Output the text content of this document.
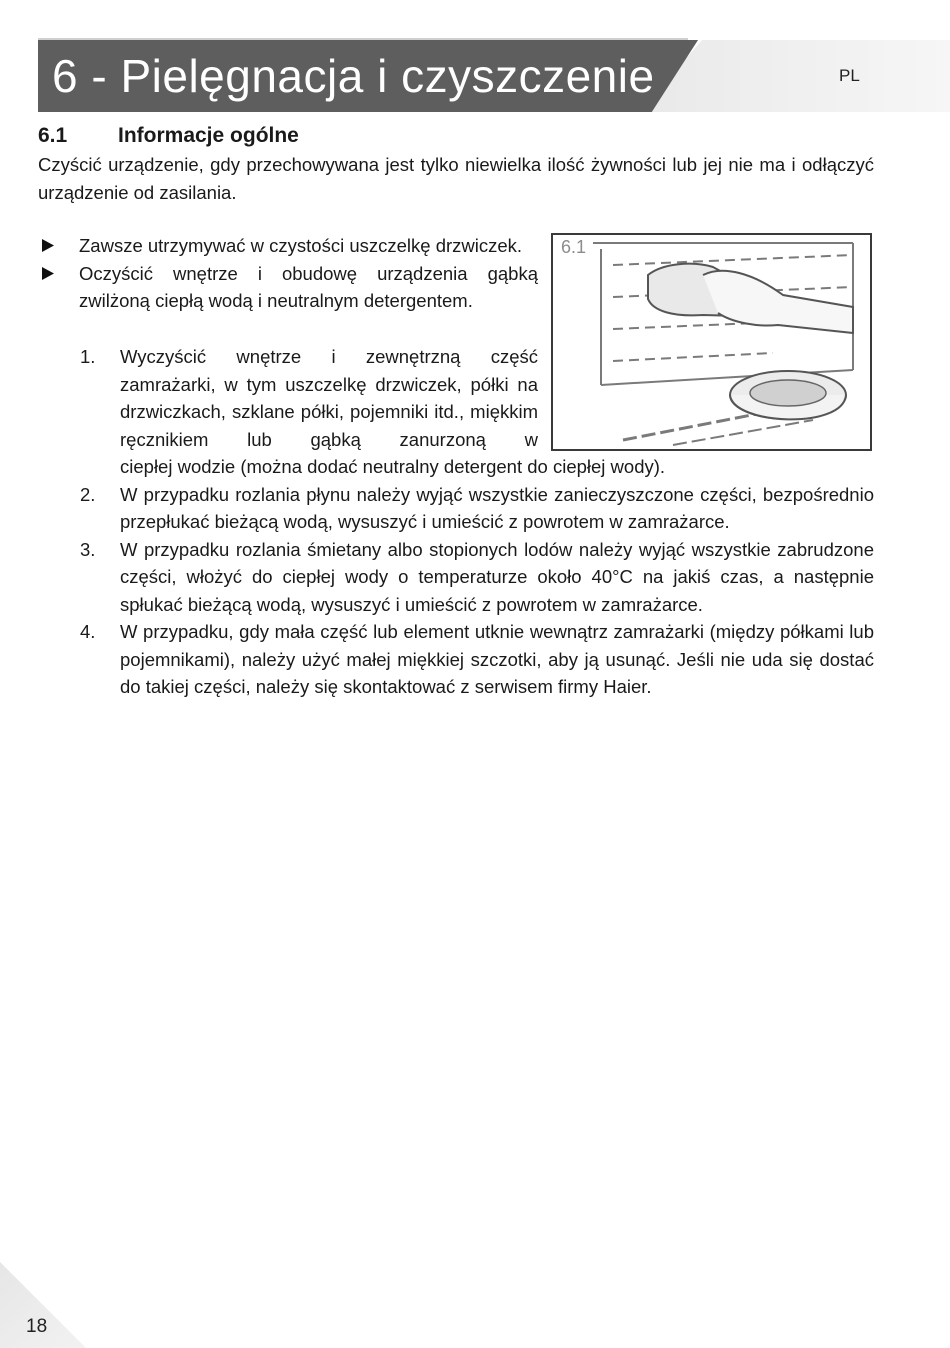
6 - Pielęgnacja i czyszczenie	PL
6.1 Informacje ogólne

Czyścić urządzenie, gdy przechowywana jest tylko niewielka ilość żywności lub jej nie ma i odłączyć urządzenie od zasilania.

Zawsze utrzymywać w czystości uszczelkę drzwiczek.
Oczyścić wnętrze i obudowę urządzenia gąbką zwilżoną ciepłą wodą i neutralnym detergentem.
6.1
1. Wyczyścić wnętrze i zewnętrzną część zamrażarki, w tym uszczelkę drzwiczek, półki na drzwiczkach, szklane półki, pojemniki itd., miękkim ręcznikiem lub gąbką zanurzoną w
ciepłej wodzie (można dodać neutralny detergent do ciepłej wody).
2. W przypadku rozlania płynu należy wyjąć wszystkie zanieczyszczone części, bezpośrednio przepłukać bieżącą wodą, wysuszyć i umieścić z powrotem w zamrażarce.
3. W przypadku rozlania śmietany albo stopionych lodów należy wyjąć wszystkie zabrudzone części, włożyć do ciepłej wody o temperaturze około 40°C na jakiś czas, a następnie spłukać bieżącą wodą, wysuszyć i umieścić z powrotem w zamrażarce.
4. W przypadku, gdy mała część lub element utknie wewnątrz zamrażarki (między półkami lub pojemnikami), należy użyć małej miękkiej szczotki, aby ją usunąć. Jeśli nie uda się dostać do takiej części, należy się skontaktować z serwisem firmy Haier.
18
